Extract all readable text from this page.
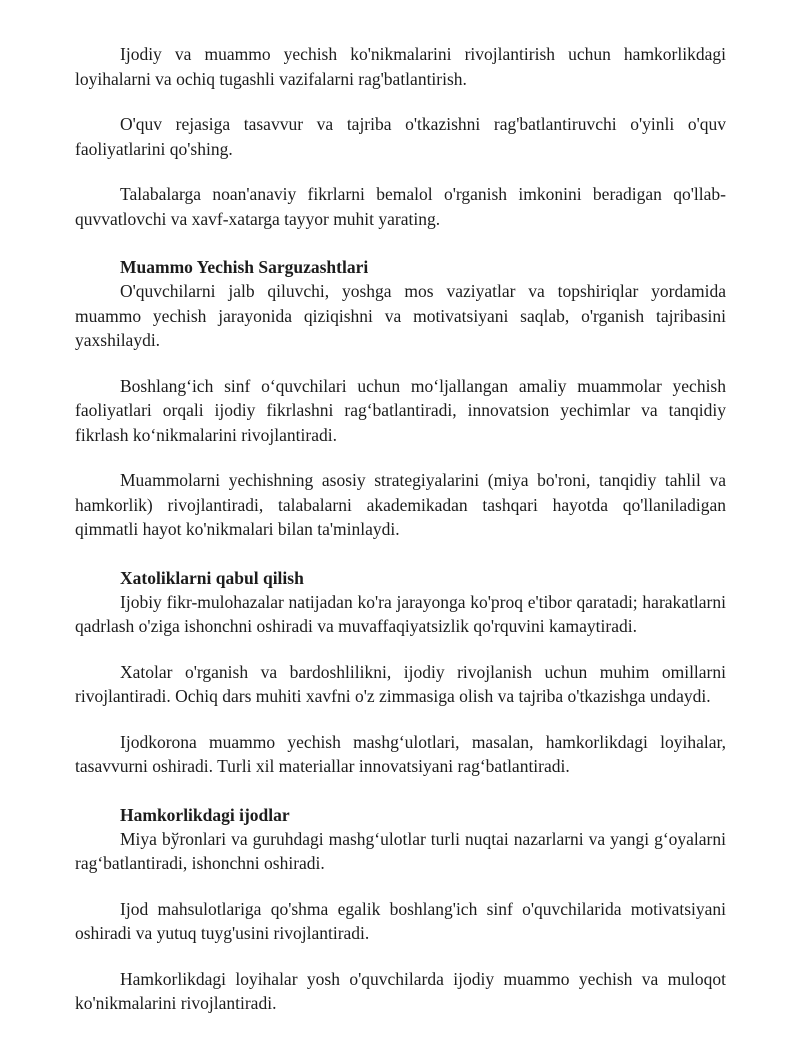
Ijodiy va muammo yechish ko'nikmalarini rivojlantirish uchun hamkorlikdagi loyihalarni va ochiq tugashli vazifalarni rag'batlantirish.

O'quv rejasiga tasavvur va tajriba o'tkazishni rag'batlantiruvchi o'yinli o'quv faoliyatlarini qo'shing.

Talabalarga noan'anaviy fikrlarni bemalol o'rganish imkonini beradigan qo'llab-quvvatlovchi va xavf-xatarga tayyor muhit yarating.

Muammo Yechish Sarguzashtlari

O'quvchilarni jalb qiluvchi, yoshga mos vaziyatlar va topshiriqlar yordamida muammo yechish jarayonida qiziqishni va motivatsiyani saqlab, o'rganish tajribasini yaxshilaydi.

Boshlangʻich sinf oʻquvchilari uchun moʻljallangan amaliy muammolar yechish faoliyatlari orqali ijodiy fikrlashni ragʻbatlantiradi, innovatsion yechimlar va tanqidiy fikrlash koʻnikmalarini rivojlantiradi.

Muammolarni yechishning asosiy strategiyalarini (miya bo'roni, tanqidiy tahlil va hamkorlik) rivojlantiradi, talabalarni akademikadan tashqari hayotda qo'llaniladigan qimmatli hayot ko'nikmalari bilan ta'minlaydi.

Xatoliklarni qabul qilish

Ijobiy fikr-mulohazalar natijadan ko'ra jarayonga ko'proq e'tibor qaratadi; harakatlarni qadrlash o'ziga ishonchni oshiradi va muvaffaqiyatsizlik qo'rquvini kamaytiradi.

Xatolar o'rganish va bardoshlilikni, ijodiy rivojlanish uchun muhim omillarni rivojlantiradi. Ochiq dars muhiti xavfni o'z zimmasiga olish va tajriba o'tkazishga undaydi.

Ijodkorona muammo yechish mashgʻulotlari, masalan, hamkorlikdagi loyihalar, tasavvurni oshiradi. Turli xil materiallar innovatsiyani ragʻbatlantiradi.

Hamkorlikdagi ijodlar

Miya bўronlari va guruhdagi mashgʻulotlar turli nuqtai nazarlarni va yangi gʻoyalarni ragʻbatlantiradi, ishonchni oshiradi.

Ijod mahsulotlariga qo'shma egalik boshlang'ich sinf o'quvchilarida motivatsiyani oshiradi va yutuq tuyg'usini rivojlantiradi.

Hamkorlikdagi loyihalar yosh o'quvchilarda ijodiy muammo yechish va muloqot ko'nikmalarini rivojlantiradi.
